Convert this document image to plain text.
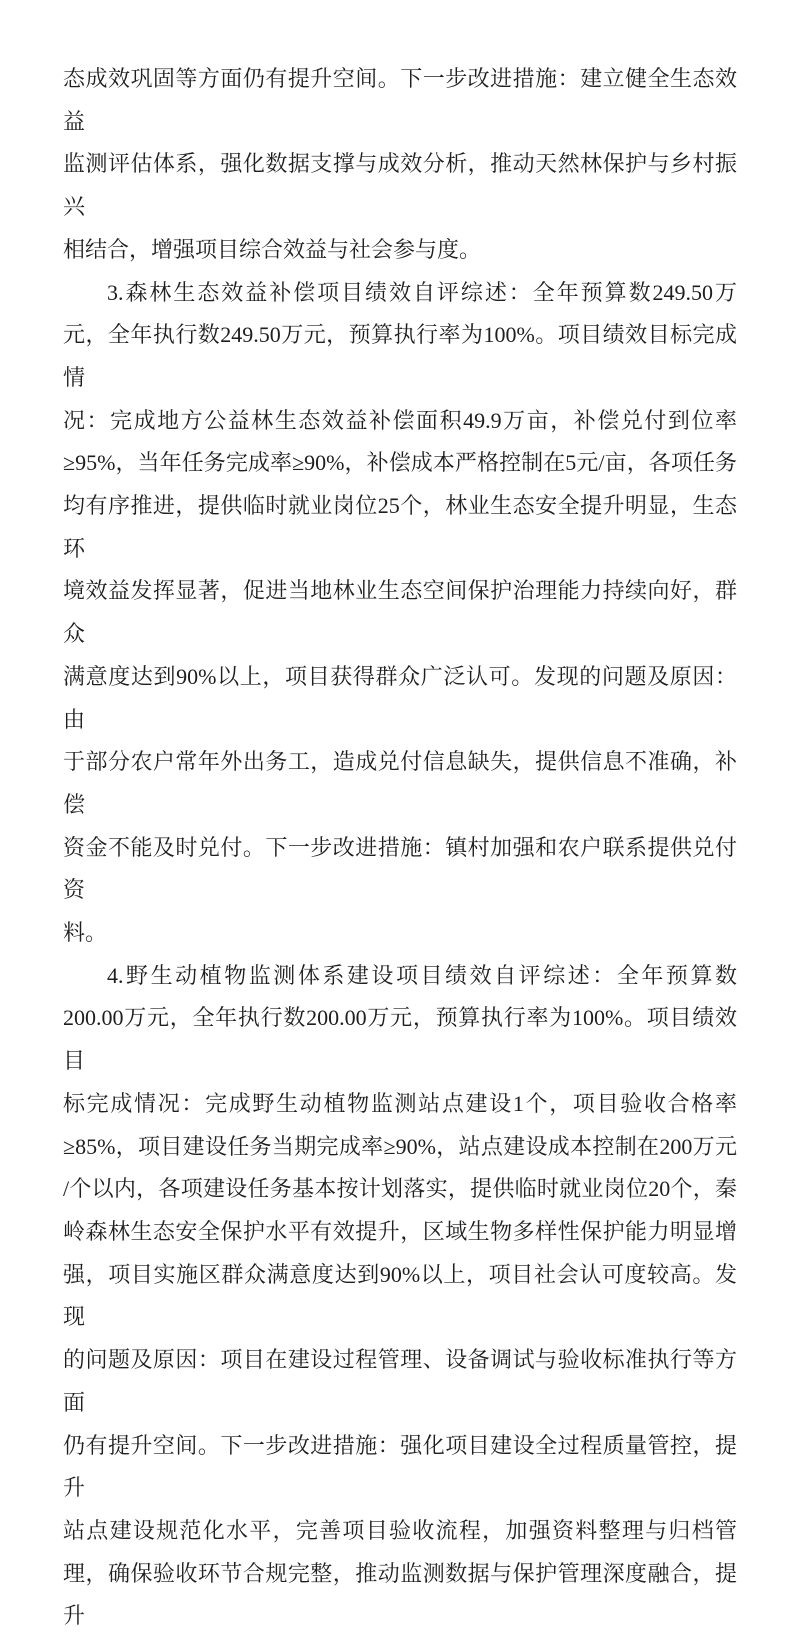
态成效巩固等方面仍有提升空间。下一步改进措施：建立健全生态效益
监测评估体系，强化数据支撑与成效分析，推动天然林保护与乡村振兴
相结合，增强项目综合效益与社会参与度。
3.森林生态效益补偿项目绩效自评综述：全年预算数249.50万
元，全年执行数249.50万元，预算执行率为100%。项目绩效目标完成情
况：完成地方公益林生态效益补偿面积49.9万亩，补偿兑付到位率
≥95%，当年任务完成率≥90%，补偿成本严格控制在5元/亩，各项任务
均有序推进，提供临时就业岗位25个，林业生态安全提升明显，生态环
境效益发挥显著，促进当地林业生态空间保护治理能力持续向好，群众
满意度达到90%以上，项目获得群众广泛认可。发现的问题及原因：由
于部分农户常年外出务工，造成兑付信息缺失，提供信息不准确，补偿
资金不能及时兑付。下一步改进措施：镇村加强和农户联系提供兑付资
料。
4.野生动植物监测体系建设项目绩效自评综述：全年预算数
200.00万元，全年执行数200.00万元，预算执行率为100%。项目绩效目
标完成情况：完成野生动植物监测站点建设1个，项目验收合格率
≥85%，项目建设任务当期完成率≥90%，站点建设成本控制在200万元
/个以内，各项建设任务基本按计划落实，提供临时就业岗位20个，秦
岭森林生态安全保护水平有效提升，区域生物多样性保护能力明显增
强，项目实施区群众满意度达到90%以上，项目社会认可度较高。发现
的问题及原因：项目在建设过程管理、设备调试与验收标准执行等方面
仍有提升空间。下一步改进措施：强化项目建设全过程质量管控，提升
站点建设规范化水平，完善项目验收流程，加强资料整理与归档管
理，确保验收环节合规完整，推动监测数据与保护管理深度融合，提升
